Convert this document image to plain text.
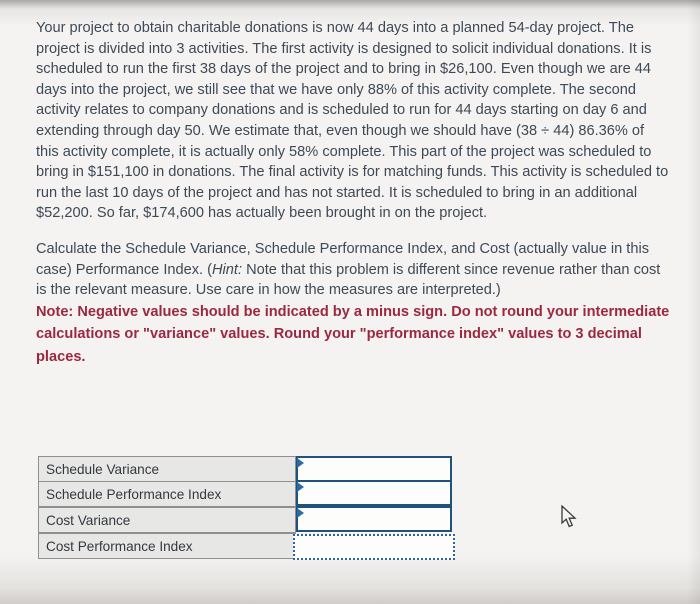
Your project to obtain charitable donations is now 44 days into a planned 54-day project. The project is divided into 3 activities. The first activity is designed to solicit individual donations. It is scheduled to run the first 38 days of the project and to bring in $26,100. Even though we are 44 days into the project, we still see that we have only 88% of this activity complete. The second activity relates to company donations and is scheduled to run for 44 days starting on day 6 and extending through day 50. We estimate that, even though we should have (38 ÷ 44) 86.36% of this activity complete, it is actually only 58% complete. This part of the project was scheduled to bring in $151,100 in donations. The final activity is for matching funds. This activity is scheduled to run the last 10 days of the project and has not started. It is scheduled to bring in an additional $52,200. So far, $174,600 has actually been brought in on the project.

Calculate the Schedule Variance, Schedule Performance Index, and Cost (actually value in this case) Performance Index. (Hint: Note that this problem is different since revenue rather than cost is the relevant measure. Use care in how the measures are interpreted.)

Note: Negative values should be indicated by a minus sign. Do not round your intermediate calculations or "variance" values. Round your "performance index" values to 3 decimal places.

Schedule Variance
Schedule Performance Index
Cost Variance
Cost Performance Index
